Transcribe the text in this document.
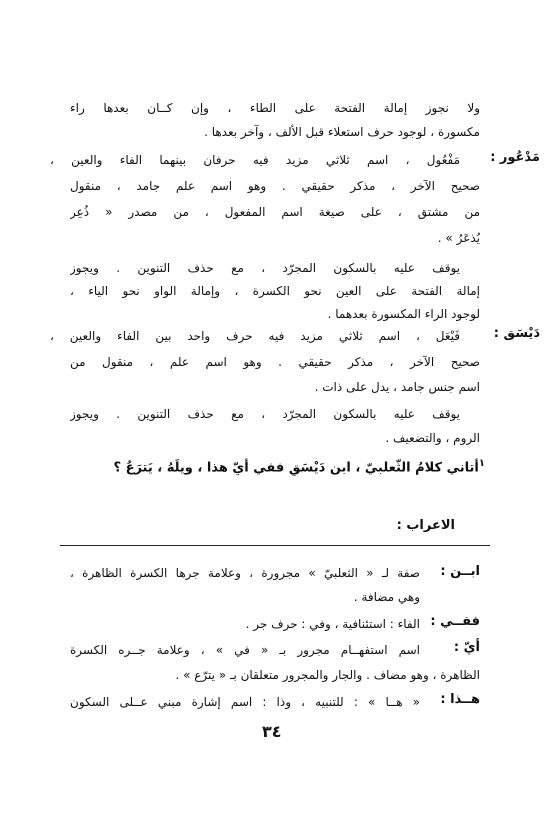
ولا نجوز إمالة الفتحة على الطاء ، وإن كــان بعدها راء
مكسورة ، لوجود حرف استعلاء قبل الألف ، وآخر بعدها .
مَدْعُور :
مَفْعُول ، اسم ثلاثي مزيد فيه حرفان بينهما الفاء والعين ،
صحيح الآخر ، مذكر حقيقي . وهو اسم علم جامد ، منقول
من مشتق ، على صيغة اسم المفعول ، من مصدر « ذُعِر
يُذعَرُ » .
يوقف عليه بالسكون المجرّد ، مع حذف التنوين . ويجوز
إمالة الفتحة على العين نحو الكسرة ، وإمالة الواو نحو الياء ،
لوجود الراء المكسورة بعدهما .
دَيْسَق :
فَيْعَل ، اسم ثلاثي مزيد فيه حرف واحد بين الفاء والعين ،
صحيح الآخر ، مذكر حقيقي . وهو اسم علم ، منقول من
اسم جنس جامد ، يدل على ذات .
يوقف عليه بالسكون المجرّد ، مع حذف التنوين . ويجوز
الروم ، والتضعيف .
$^١$أتاني كلامُ الثّعلبيّ ، ابن دَيْسَقٍ ففي أيّ هذا ، ويلَهُ ، يَترَعُ ؟
الاعراب :
ابــن :
صفة لـ « الثعلبيّ » مجرورة ، وعلامة جرها الكسرة الظاهرة ،
وهي مضافة .
ففــي :
الفاء : استئنافية ، وفي : حرف جر .
أيّ :
اسم استفهــام مجرور بـ « في » ، وعلامة جــره الكسرة
الظاهرة ، وهو مضاف . والجار والمجرور متعلقان بـ « يترّع » .
هــذا :
« هــا » : للتنبيه ، وذا : اسم إشارة مبني عــلى السكون
٣٤
